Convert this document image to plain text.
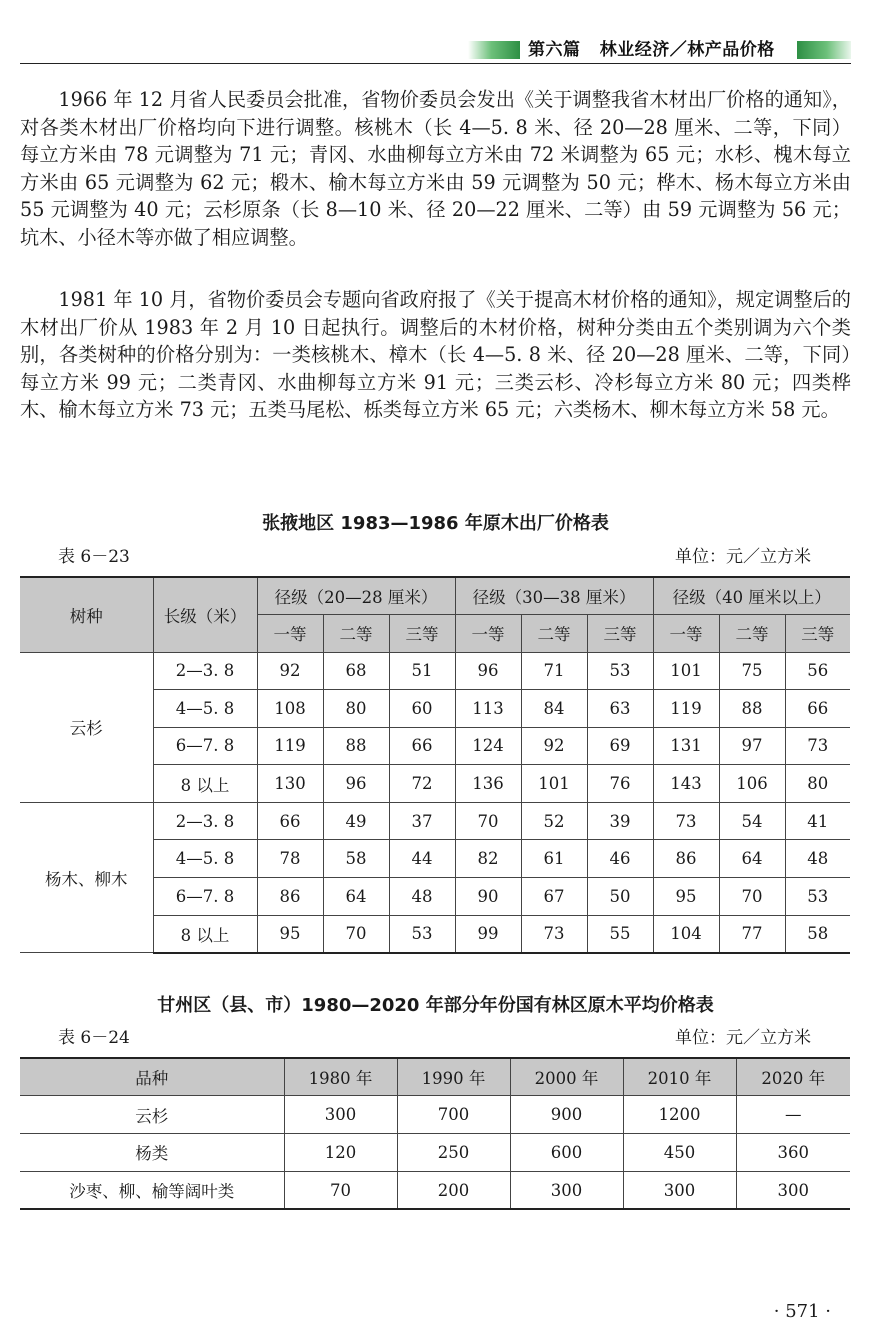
第六篇 林业经济／林产品价格

1966 年 12 月省人民委员会批准，省物价委员会发出《关于调整我省木材出厂价格的通知》，对各类木材出厂价格均向下进行调整。核桃木（长 4—5. 8 米、径 20—28 厘米、二等，下同）每立方米由 78 元调整为 71 元；青冈、水曲柳每立方米由 72 米调整为 65 元；水杉、槐木每立方米由 65 元调整为 62 元；椴木、榆木每立方米由 59 元调整为 50 元；桦木、杨木每立方米由 55 元调整为 40 元；云杉原条（长 8—10 米、径 20—22 厘米、二等）由 59 元调整为 56 元；坑木、小径木等亦做了相应调整。

1981 年 10 月，省物价委员会专题向省政府报了《关于提高木材价格的通知》，规定调整后的木材出厂价从 1983 年 2 月 10 日起执行。调整后的木材价格，树种分类由五个类别调为六个类别，各类树种的价格分别为：一类核桃木、樟木（长 4—5. 8 米、径 20—28 厘米、二等，下同）每立方米 99 元；二类青冈、水曲柳每立方米 91 元；三类云杉、冷杉每立方米 80 元；四类桦木、榆木每立方米 73 元；五类马尾松、栎类每立方米 65 元；六类杨木、柳木每立方米 58 元。

张掖地区 1983—1986 年原木出厂价格表
表 6－23	单位：元／立方米
树种	长级（米）	径级（20—28 厘米）			径级（30—38 厘米）			径级（40 厘米以上）		
		一等	二等	三等	一等	二等	三等	一等	二等	三等
云杉	2—3. 8	92	68	51	96	71	53	101	75	56
	4—5. 8	108	80	60	113	84	63	119	88	66
	6—7. 8	119	88	66	124	92	69	131	97	73
	8 以上	130	96	72	136	101	76	143	106	80
杨木、柳木	2—3. 8	66	49	37	70	52	39	73	54	41
	4—5. 8	78	58	44	82	61	46	86	64	48
	6—7. 8	86	64	48	90	67	50	95	70	53
	8 以上	95	70	53	99	73	55	104	77	58
甘州区（县、市）1980—2020 年部分年份国有林区原木平均价格表
表 6－24	单位：元／立方米
品种	1980 年	1990 年	2000 年	2010 年	2020 年
云杉	300	700	900	1200	—
杨类	120	250	600	450	360
沙枣、柳、榆等阔叶类	70	200	300	300	300
· 571 ·
